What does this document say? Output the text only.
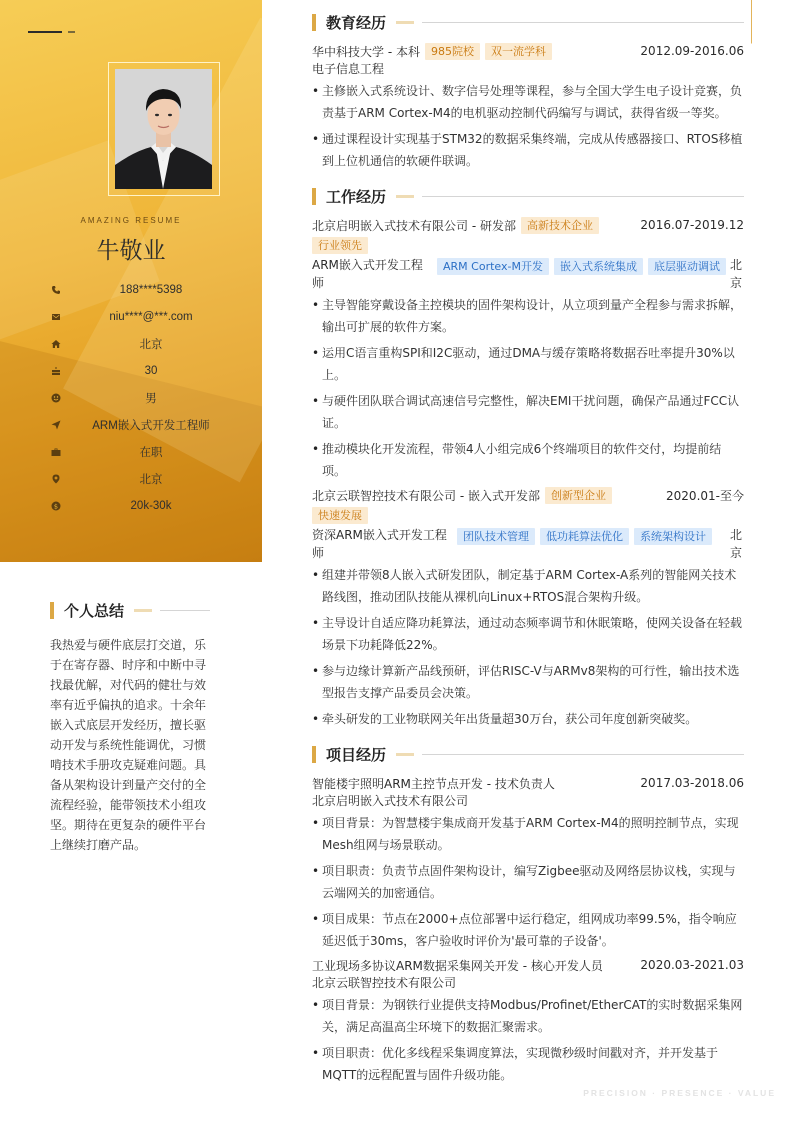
AMAZING RESUME
牛敬业
188****5398
niu****@***.com
北京
30
男
ARM嵌入式开发工程师
在职
北京
$	20k-30k
个人总结
我热爱与硬件底层打交道，乐于在寄存器、时序和中断中寻找最优解，对代码的健壮与效率有近乎偏执的追求。十余年嵌入式底层开发经历，擅长驱动开发与系统性能调优，习惯啃技术手册攻克疑难问题。具备从架构设计到量产交付的全流程经验，能带领技术小组攻坚。期待在更复杂的硬件平台上继续打磨产品。
教育经历
华中科技大学 - 本科	985院校	双一流学科	2012.09-2016.06
电子信息工程
• 主修嵌入式系统设计、数字信号处理等课程，参与全国大学生电子设计竞赛，负责基于ARM Cortex-M4的电机驱动控制代码编写与调试，获得省级一等奖。
• 通过课程设计实现基于STM32的数据采集终端，完成从传感器接口、RTOS移植到上位机通信的软硬件联调。
工作经历
北京启明嵌入式技术有限公司 - 研发部	高新技术企业	2016.07-2019.12
行业领先
ARM嵌入式开发工程师
ARM Cortex-M开发	嵌入式系统集成	底层驱动调试 北京
• 主导智能穿戴设备主控模块的固件架构设计，从立项到量产全程参与需求拆解，输出可扩展的软件方案。
• 运用C语言重构SPI和I2C驱动，通过DMA与缓存策略将数据吞吐率提升30%以上。
• 与硬件团队联合调试高速信号完整性，解决EMI干扰问题，确保产品通过FCC认证。
• 推动模块化开发流程，带领4人小组完成6个终端项目的软件交付，均提前结项。
北京云联智控技术有限公司 - 嵌入式开发部	创新型企业	2020.01-至今
快速发展
资深ARM嵌入式开发工程师
团队技术管理	低功耗算法优化	系统架构设计	北京
• 组建并带领8人嵌入式研发团队，制定基于ARM Cortex-A系列的智能网关技术路线图，推动团队技能从裸机向Linux+RTOS混合架构升级。
• 主导设计自适应降功耗算法，通过动态频率调节和休眠策略，使网关设备在轻载场景下功耗降低22%。
• 参与边缘计算新产品线预研，评估RISC-V与ARMv8架构的可行性，输出技术选型报告支撑产品委员会决策。
• 牵头研发的工业物联网关年出货量超30万台，获公司年度创新突破奖。
项目经历
智能楼宇照明ARM主控节点开发 - 技术负责人	2017.03-2018.06
北京启明嵌入式技术有限公司
• 项目背景：为智慧楼宇集成商开发基于ARM Cortex-M4的照明控制节点，实现Mesh组网与场景联动。
• 项目职责：负责节点固件架构设计，编写Zigbee驱动及网络层协议栈，实现与云端网关的加密通信。
• 项目成果：节点在2000+点位部署中运行稳定，组网成功率99.5%，指令响应延迟低于30ms，客户验收时评价为'最可靠的子设备'。
工业现场多协议ARM数据采集网关开发 - 核心开发人员	2020.03-2021.03
北京云联智控技术有限公司
• 项目背景：为钢铁行业提供支持Modbus/Profinet/EtherCAT的实时数据采集网关，满足高温高尘环境下的数据汇聚需求。
• 项目职责：优化多线程采集调度算法，实现微秒级时间戳对齐，并开发基于MQTT的远程配置与固件升级功能。
PRECISION · PRESENCE · VALUE
